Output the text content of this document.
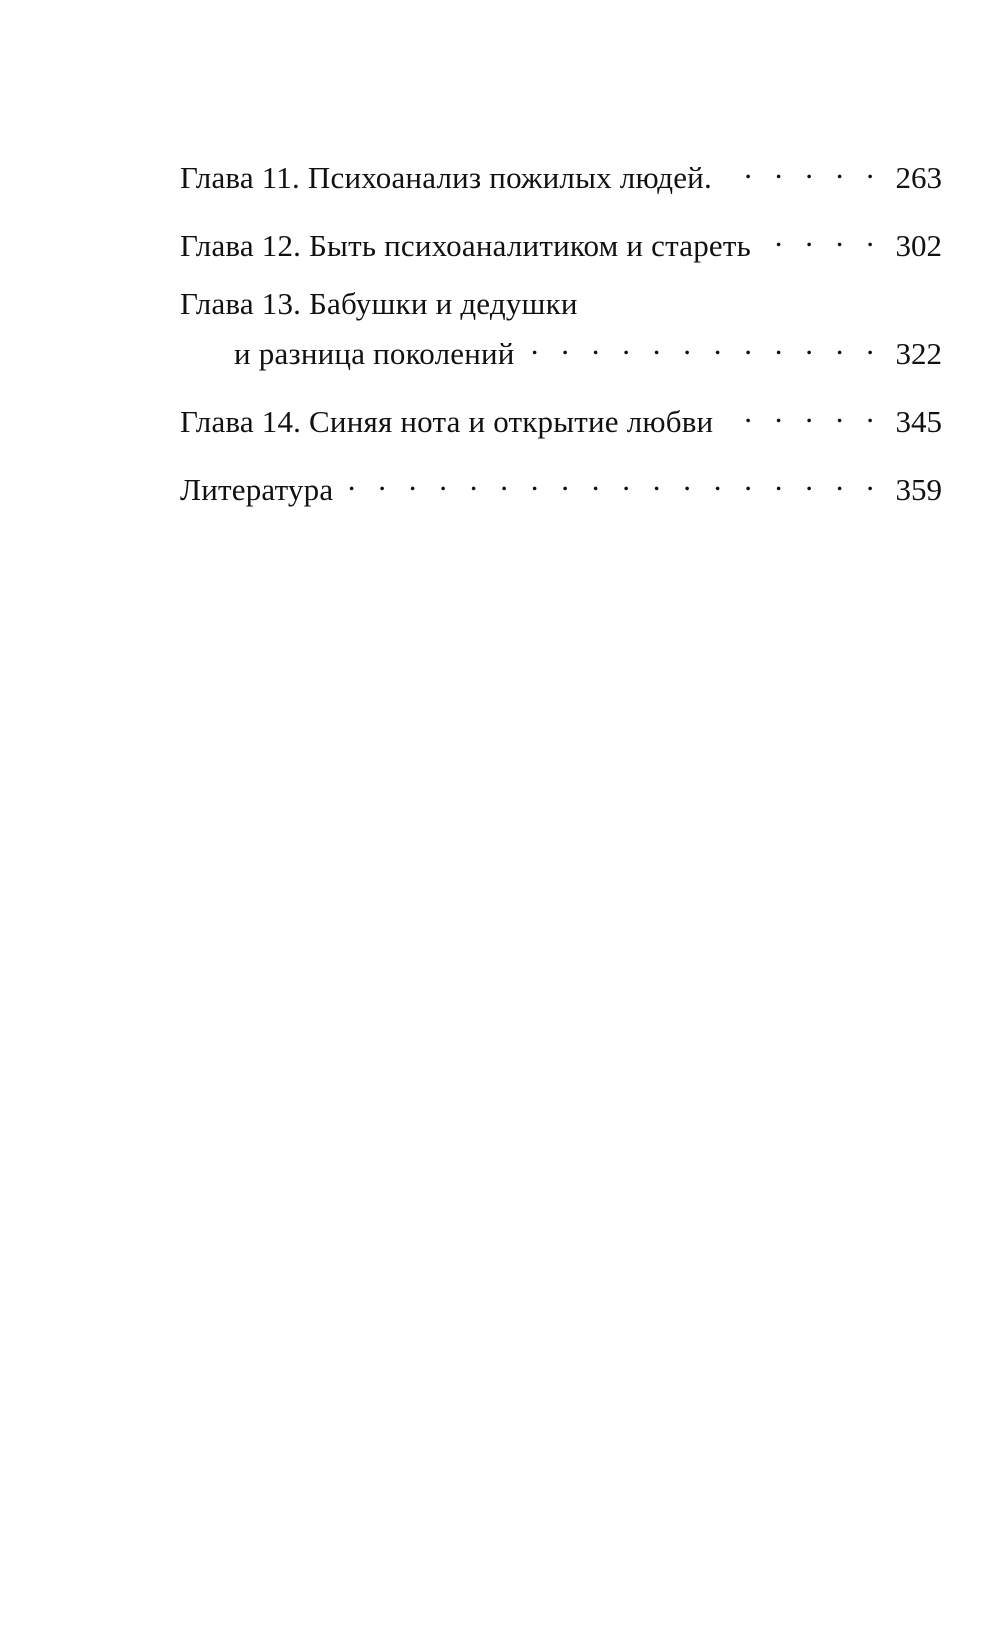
Глава 11. Психоанализ пожилых людей. . . .	263
Глава 12. Быть психоаналитиком и стареть . . .	302
Глава 13. Бабушки и дедушки
и разница поколений . . .	322
Глава 14. Синяя нота и открытие любви . . .	345
Литература . . .	359
